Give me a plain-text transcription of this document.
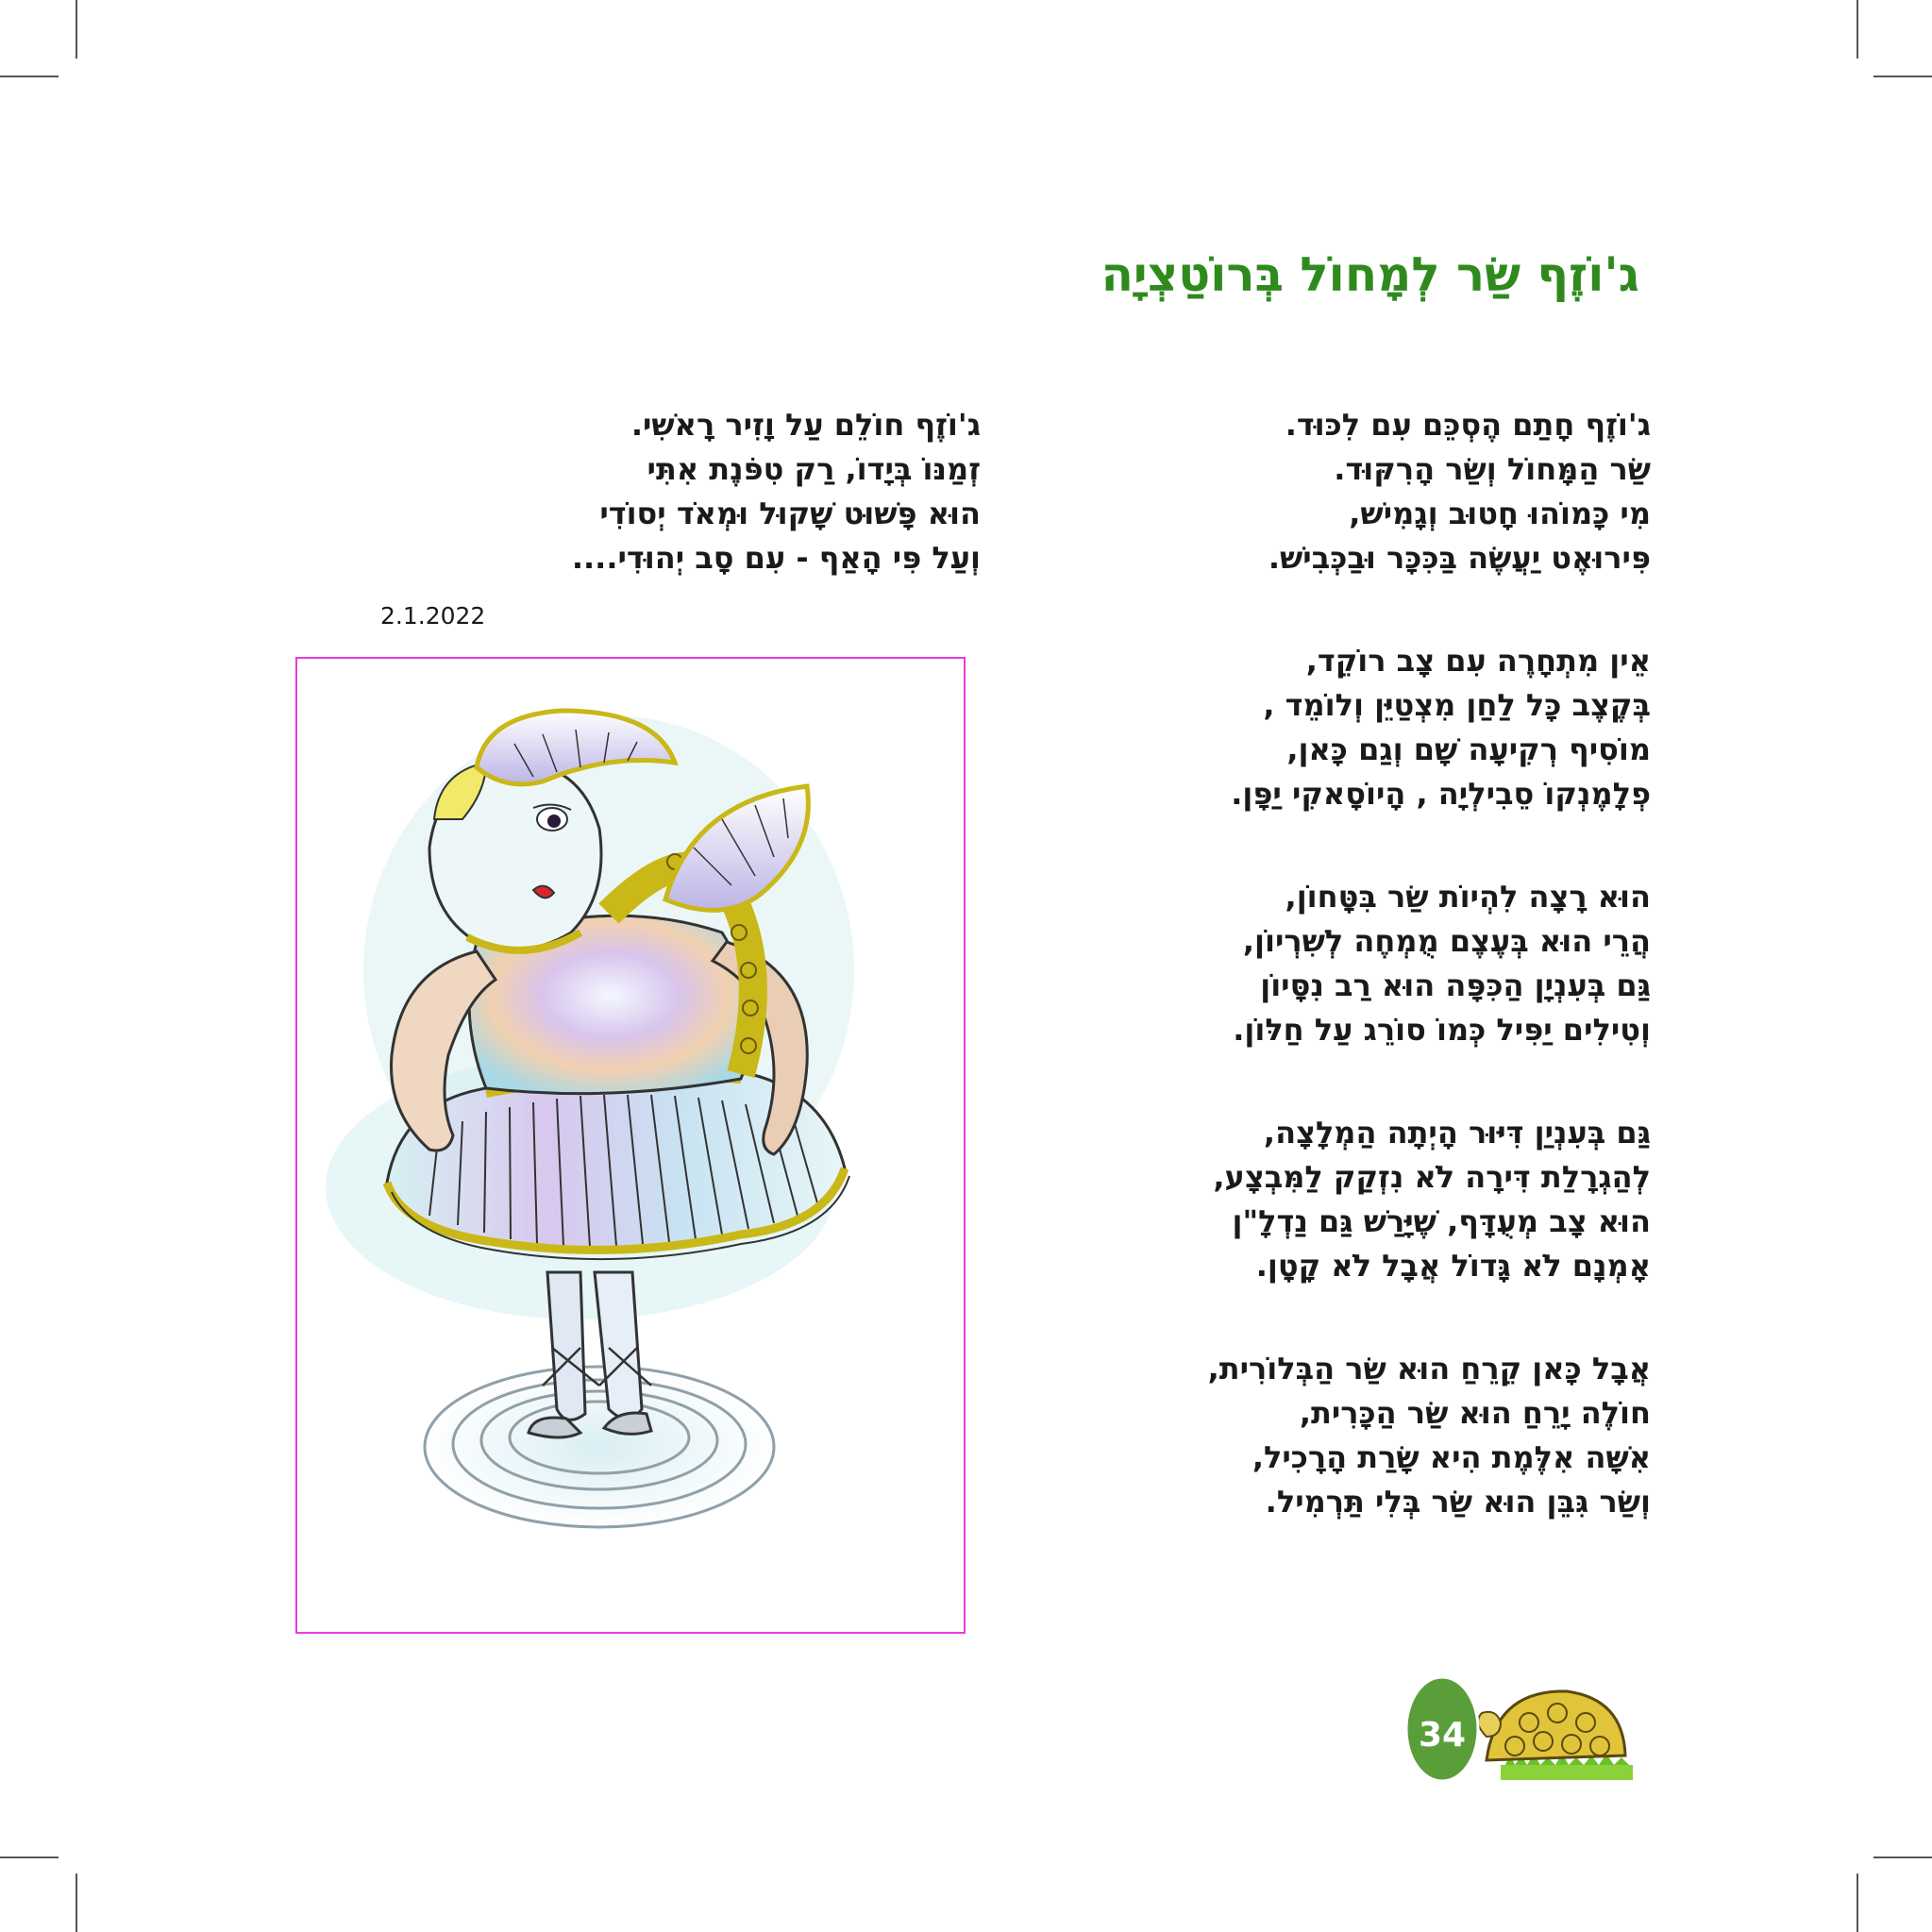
ג'וֹזֶף שַׂר לְמָחוֹל בְּרוֹטַצְיָה
ג'וֹזֶף חָתַם הֶסְכֵּם עִם לִכּוּד.
שַׂר הַמָּחוֹל וְשַׂר הָרִקּוּד.
מִי כָּמוֹהוּ חָטוּב וְגָמִישׁ,
פִּירוּאֶט יַעֲשֶׂה בַּכִּכָּר וּבַכְּבִישׁ.
אֵין מִתְחָרֶה עִם צָב רוֹקֵד,
בְּקֶצֶב כָּל לַחַן מִצְטַיֵּן וְלוֹמֵד ,
מוֹסִיף רְקִיעָה שָׁם וְגַם כָּאן,
פְלָמֶנְקוֹ סֵבִילְיָה , הָיוֹסָאקִי יַפָּן.
הוּא רָצָה לִהְיוֹת שַׂר בִּטָּחוֹן,
הֲרֵי הוּא בְּעֶצֶם מֻמְחֶה לְשִׁרְיוֹן,
גַּם בְּעִנְיָן הַכִּפָּה הוּא רַב נִסָּיוֹן
וְטִילִים יַפִּיל כְּמוֹ סוֹרֵג עַל חַלּוֹן.
גַּם בְּעִנְיַן דִּיּוּר הָיְתָה הַמְלָצָה,
לְהַגְרָלַת דִּירָה לֹא נִזְקַק לַמִּבְצָע,
הוּא צָב מְעֻדָּף, שֶׁיָּרַשׁ גַּם נַדְלָ"ן
אָמְנָם לֹא גָּדוֹל אֲבָל לֹא קָטָן.
אֲבָל כָּאן קֵרֵחַ הוּא שַׂר הַבְּלוֹרִית,
חוֹלֶה יָרֵחַ הוּא שַׂר הַכָּרִית,
אִשָּׁה אִלֶּמֶת הִיא שָׂרַת הָרָכִיל,
וְשַׂר גִּבֵּן הוּא שַׂר בְּלִי תַּרְמִיל.
ג'וֹזֶף חוֹלֵם עַל וָזִיר רָאשִׁי.
זְמַנּוֹ בְּיָדוֹ, רַק טִפֹּנֶת אִתִּי
הוּא פָּשׁוּט שָׁקוּל וּמְאֹד יְסוֹדִי
וְעַל פִּי הָאַף - עִם סָב יְהוּדִי....
2.1.2022
34
